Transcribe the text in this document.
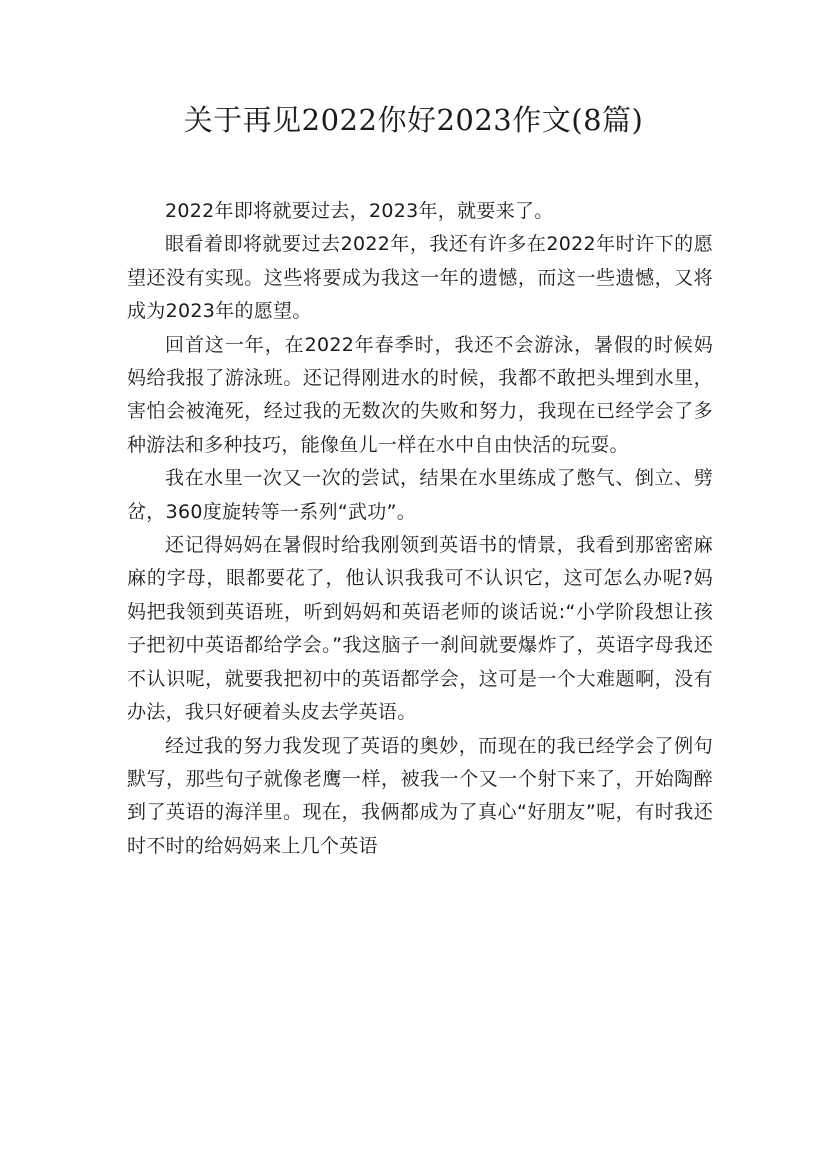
关于再见2022你好2023作文(8篇)

2022年即将就要过去，2023年，就要来了。

眼看着即将就要过去2022年，我还有许多在2022年时许下的愿望还没有实现。这些将要成为我这一年的遗憾，而这一些遗憾，又将成为2023年的愿望。

回首这一年，在2022年春季时，我还不会游泳，暑假的时候妈妈给我报了游泳班。还记得刚进水的时候，我都不敢把头埋到水里，害怕会被淹死，经过我的无数次的失败和努力，我现在已经学会了多种游法和多种技巧，能像鱼儿一样在水中自由快活的玩耍。

我在水里一次又一次的尝试，结果在水里练成了憋气、倒立、劈岔，360度旋转等一系列“武功”。

还记得妈妈在暑假时给我刚领到英语书的情景，我看到那密密麻麻的字母，眼都要花了，他认识我我可不认识它，这可怎么办呢?妈妈把我领到英语班，听到妈妈和英语老师的谈话说:“小学阶段想让孩子把初中英语都给学会。”我这脑子一刹间就要爆炸了，英语字母我还不认识呢，就要我把初中的英语都学会，这可是一个大难题啊，没有办法，我只好硬着头皮去学英语。

经过我的努力我发现了英语的奥妙，而现在的我已经学会了例句默写，那些句子就像老鹰一样，被我一个又一个射下来了，开始陶醉到了英语的海洋里。现在，我俩都成为了真心“好朋友”呢，有时我还时不时的给妈妈来上几个英语
